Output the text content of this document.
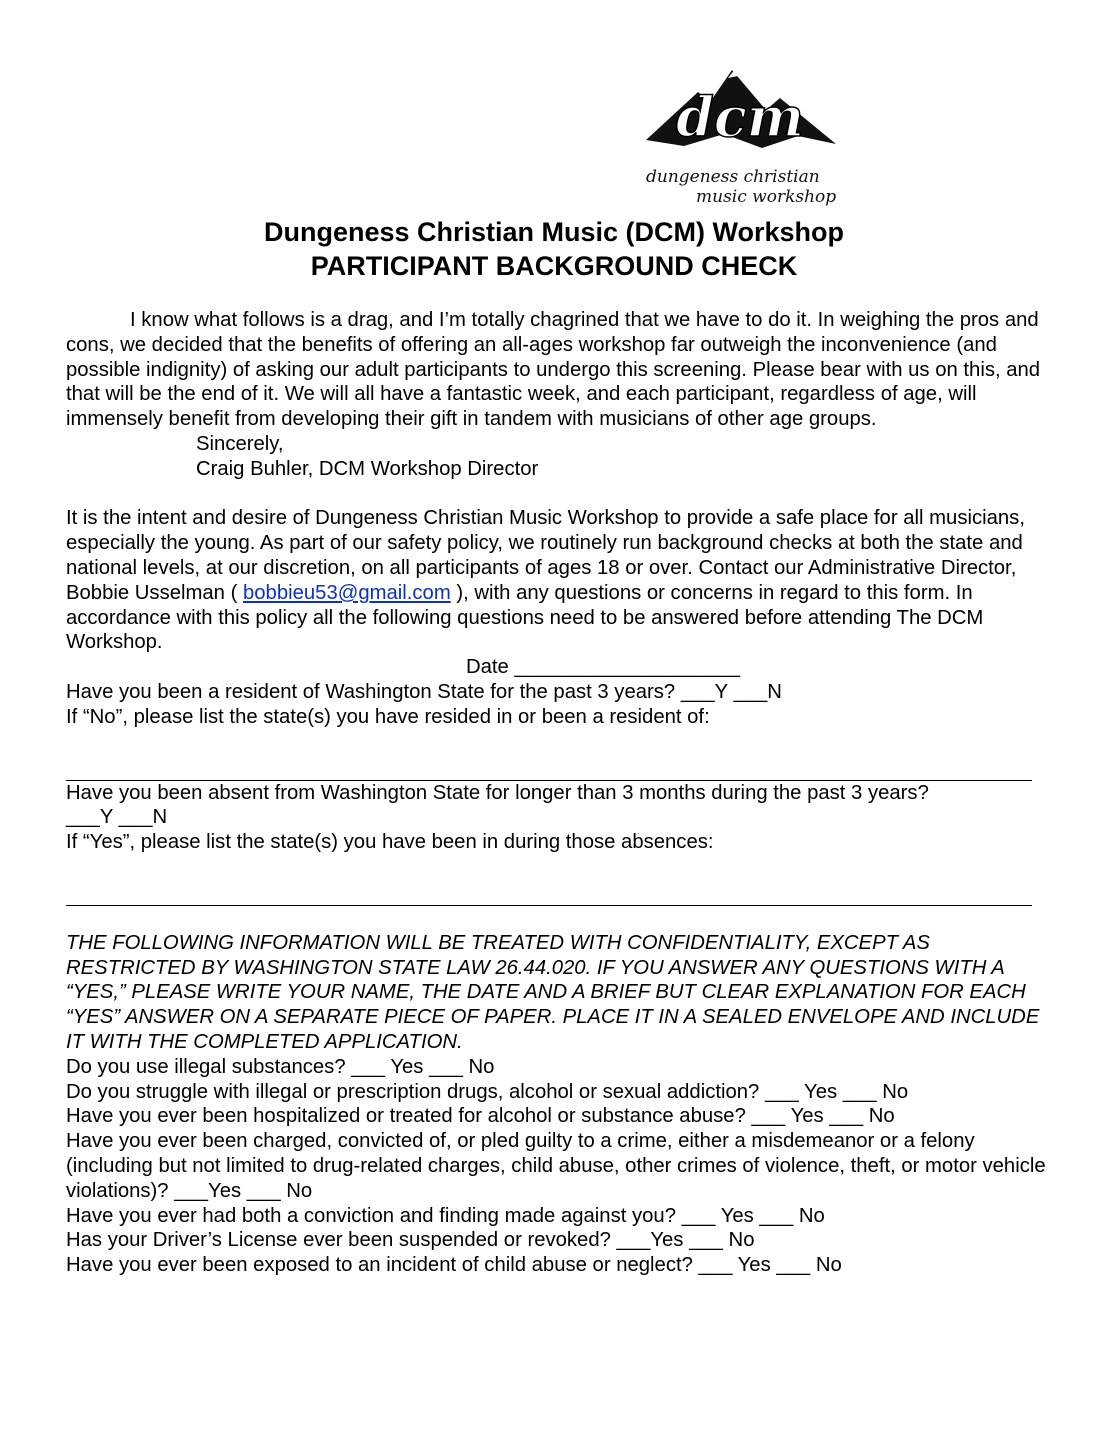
dcm
dungeness christian
music workshop
Dungeness Christian Music (DCM) Workshop
PARTICIPANT BACKGROUND CHECK

I know what follows is a drag, and I’m totally chagrined that we have to do it. In weighing the pros and cons, we decided that the benefits of offering an all-ages workshop far outweigh the inconvenience (and possible indignity) of asking our adult participants to undergo this screening. Please bear with us on this, and that will be the end of it. We will all have a fantastic week, and each participant, regardless of age, will immensely benefit from developing their gift in tandem with musicians of other age groups.

Sincerely,

Craig Buhler, DCM Workshop Director

It is the intent and desire of Dungeness Christian Music Workshop to provide a safe place for all musicians, especially the young. As part of our safety policy, we routinely run background checks at both the state and national levels, at our discretion, on all participants of ages 18 or over. Contact our Administrative Director, Bobbie Usselman ( bobbieu53@gmail.com ), with any questions or concerns in regard to this form. In accordance with this policy all the following questions need to be answered before attending The DCM Workshop.

Date ____________________

Have you been a resident of Washington State for the past 3 years? ___Y ___N

If “No”, please list the state(s) you have resided in or been a resident of:

Have you been absent from Washington State for longer than 3 months during the past 3 years?

___Y ___N

If “Yes”, please list the state(s) you have been in during those absences:

THE FOLLOWING INFORMATION WILL BE TREATED WITH CONFIDENTIALITY, EXCEPT AS RESTRICTED BY WASHINGTON STATE LAW 26.44.020. IF YOU ANSWER ANY QUESTIONS WITH A “YES,” PLEASE WRITE YOUR NAME, THE DATE AND A BRIEF BUT CLEAR EXPLANATION FOR EACH “YES” ANSWER ON A SEPARATE PIECE OF PAPER. PLACE IT IN A SEALED ENVELOPE AND INCLUDE IT WITH THE COMPLETED APPLICATION.

Do you use illegal substances? ___ Yes ___ No

Do you struggle with illegal or prescription drugs, alcohol or sexual addiction? ___ Yes ___ No

Have you ever been hospitalized or treated for alcohol or substance abuse? ___ Yes ___ No

Have you ever been charged, convicted of, or pled guilty to a crime, either a misdemeanor or a felony (including but not limited to drug-related charges, child abuse, other crimes of violence, theft, or motor vehicle violations)? ___Yes ___ No

Have you ever had both a conviction and finding made against you? ___ Yes ___ No

Has your Driver’s License ever been suspended or revoked? ___Yes ___ No

Have you ever been exposed to an incident of child abuse or neglect? ___ Yes ___ No
